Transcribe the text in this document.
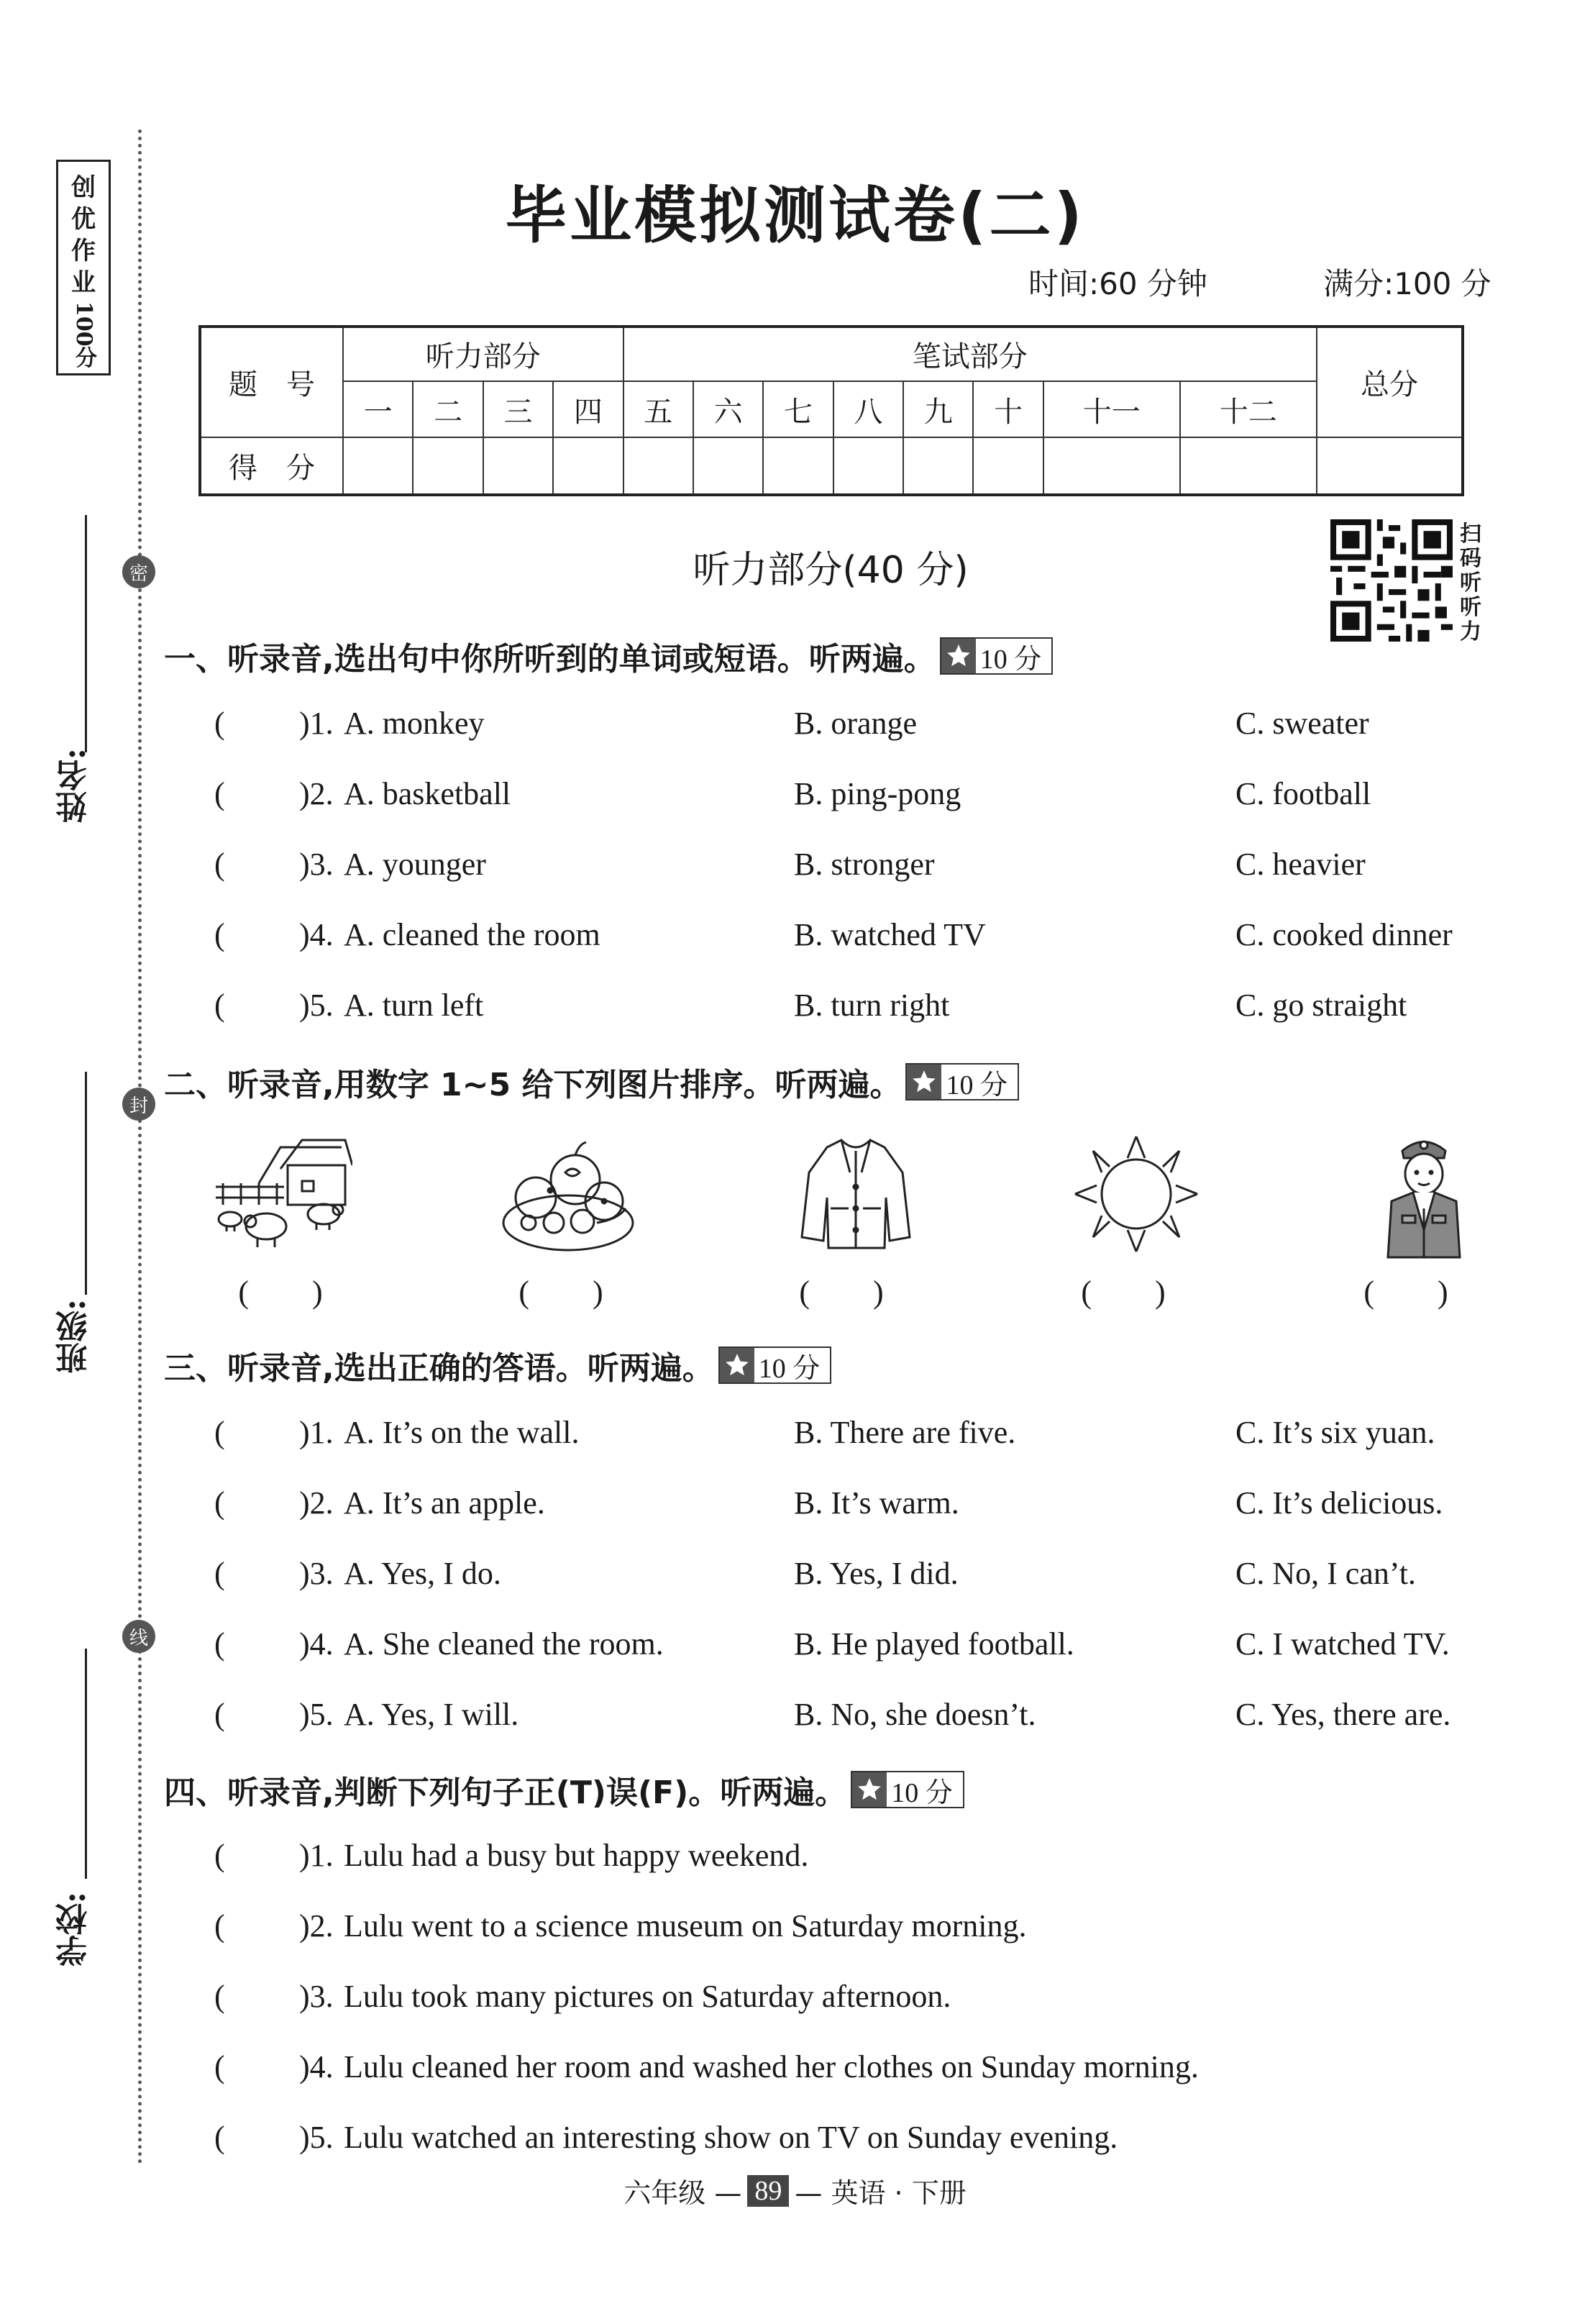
创
优
作
业
100分
密
封
线
姓名:
班级:
学校:
毕业模拟测试卷(二)
时间:60 分钟	满分:100 分
题　号	听力部分				笔试部分								总分
	一	二	三	四	五	六	七	八	九	十	十一	十二	
得　分													
听力部分(40 分)
扫
码
听
听
力
一、听录音,选出句中你所听到的单词或短语。听两遍。 10 分
( )1. A. monkey	B. orange	C. sweater
( )2. A. basketball	B. ping-pong	C. football
( )3. A. younger	B. stronger	C. heavier
( )4. A. cleaned the room	B. watched TV	C. cooked dinner
( )5. A. turn left	B. turn right	C. go straight
二、听录音,用数字 1~5 给下列图片排序。听两遍。 10 分
(　　)	(　　)	(　　)	(　　)	(　　)
三、听录音,选出正确的答语。听两遍。 10 分
( )1. A. It’s on the wall.	B. There are five.	C. It’s six yuan.
( )2. A. It’s an apple.	B. It’s warm.	C. It’s delicious.
( )3. A. Yes, I do.	B. Yes, I did.	C. No, I can’t.
( )4. A. She cleaned the room.	B. He played football.	C. I watched TV.
( )5. A. Yes, I will.	B. No, she doesn’t.	C. Yes, there are.
四、听录音,判断下列句子正(T)误(F)。听两遍。 10 分
( )1. Lulu had a busy but happy weekend.
( )2. Lulu went to a science museum on Saturday morning.
( )3. Lulu took many pictures on Saturday afternoon.
( )4. Lulu cleaned her room and washed her clothes on Sunday morning.
( )5. Lulu watched an interesting show on TV on Sunday evening.
六年级 — 89 — 英语 · 下册
